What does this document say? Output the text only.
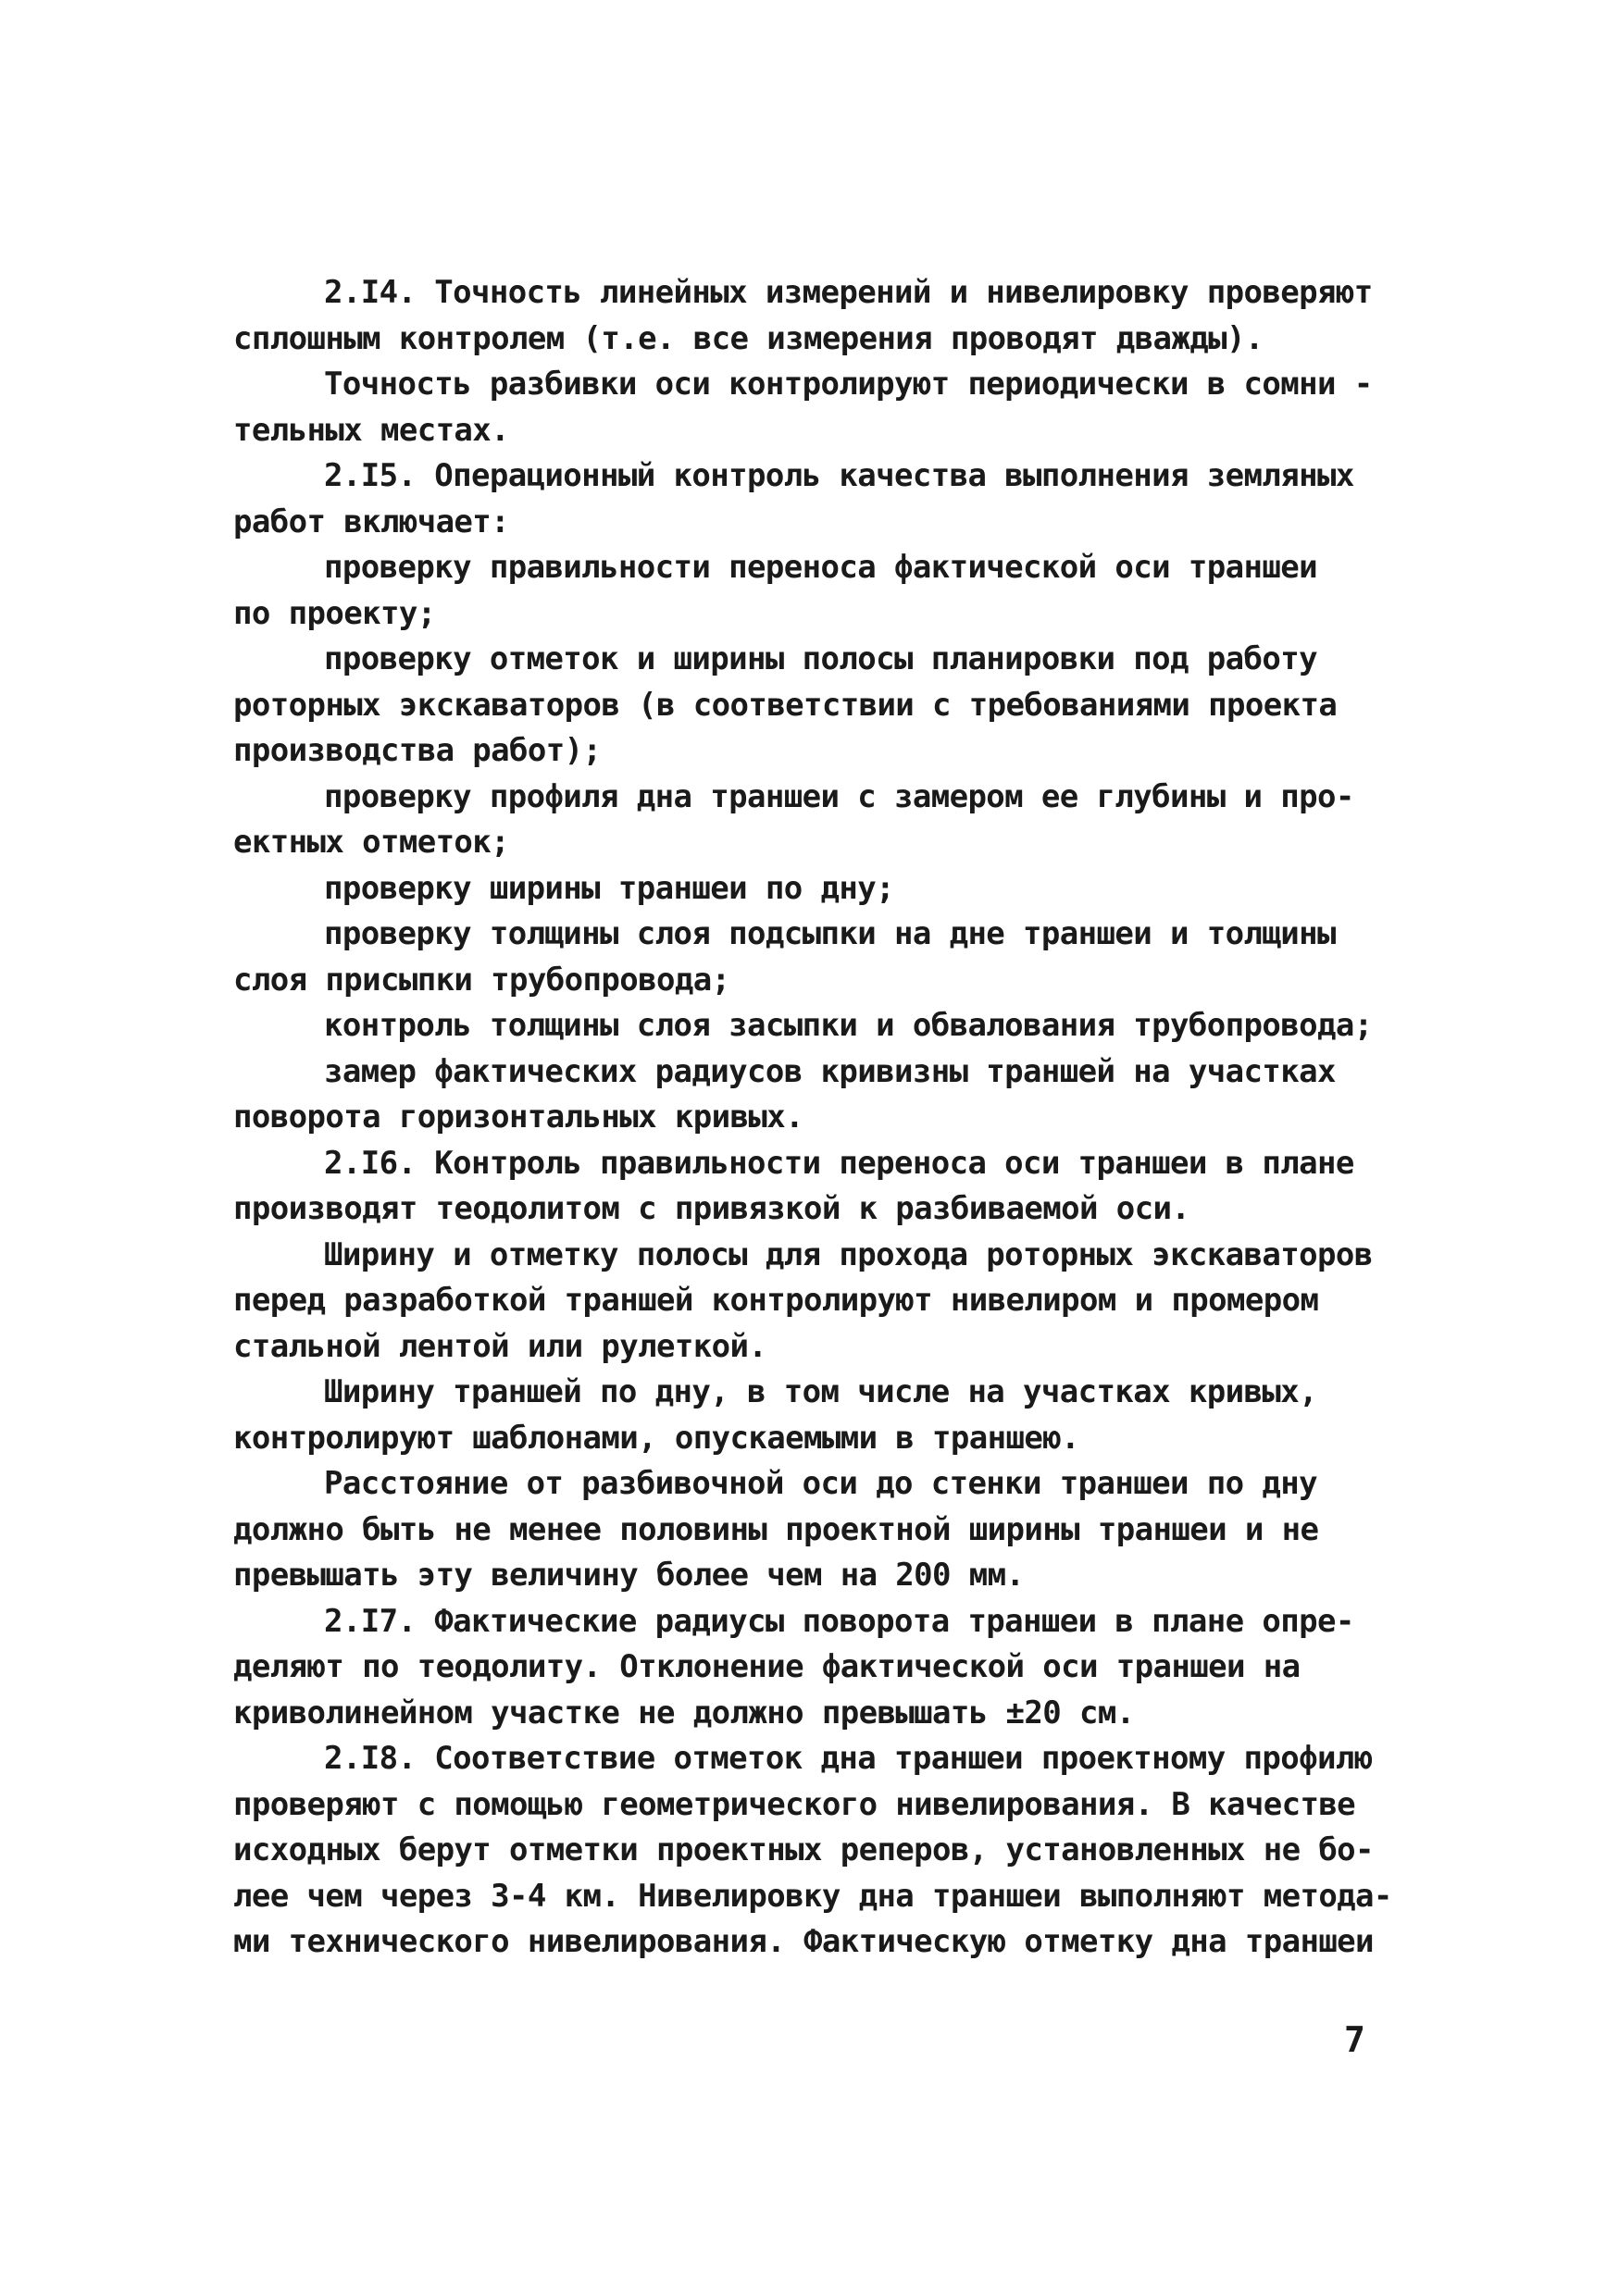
2.I4. Точность линейных измерений и нивелировку проверяют
сплошным контролем (т.е. все измерения проводят дважды).
Точность разбивки оси контролируют периодически в сомни -
тельных местах.
2.I5. Операционный контроль качества выполнения земляных
работ включает:
проверку правильности переноса фактической оси траншеи
по проекту;
проверку отметок и ширины полосы планировки под работу
роторных экскаваторов (в соответствии с требованиями проекта
производства работ);
проверку профиля дна траншеи с замером ее глубины и про-
ектных отметок;
проверку ширины траншеи по дну;
проверку толщины слоя подсыпки на дне траншеи и толщины
слоя присыпки трубопровода;
контроль толщины слоя засыпки и обвалования трубопровода;
замер фактических радиусов кривизны траншей на участках
поворота горизонтальных кривых.
2.I6. Контроль правильности переноса оси траншеи в плане
производят теодолитом с привязкой к разбиваемой оси.
Ширину и отметку полосы для прохода роторных экскаваторов
перед разработкой траншей контролируют нивелиром и промером
стальной лентой или рулеткой.
Ширину траншей по дну, в том числе на участках кривых,
контролируют шаблонами, опускаемыми в траншею.
Расстояние от разбивочной оси до стенки траншеи по дну
должно быть не менее половины проектной ширины траншеи и не
превышать эту величину более чем на 200 мм.
2.I7. Фактические радиусы поворота траншеи в плане опре-
деляют по теодолиту. Отклонение фактической оси траншеи на
криволинейном участке не должно превышать ±20 см.
2.I8. Соответствие отметок дна траншеи проектному профилю
проверяют с помощью геометрического нивелирования. В качестве
исходных берут отметки проектных реперов, установленных не бо-
лее чем через 3-4 км. Нивелировку дна траншеи выполняют метода-
ми технического нивелирования. Фактическую отметку дна траншеи
7
